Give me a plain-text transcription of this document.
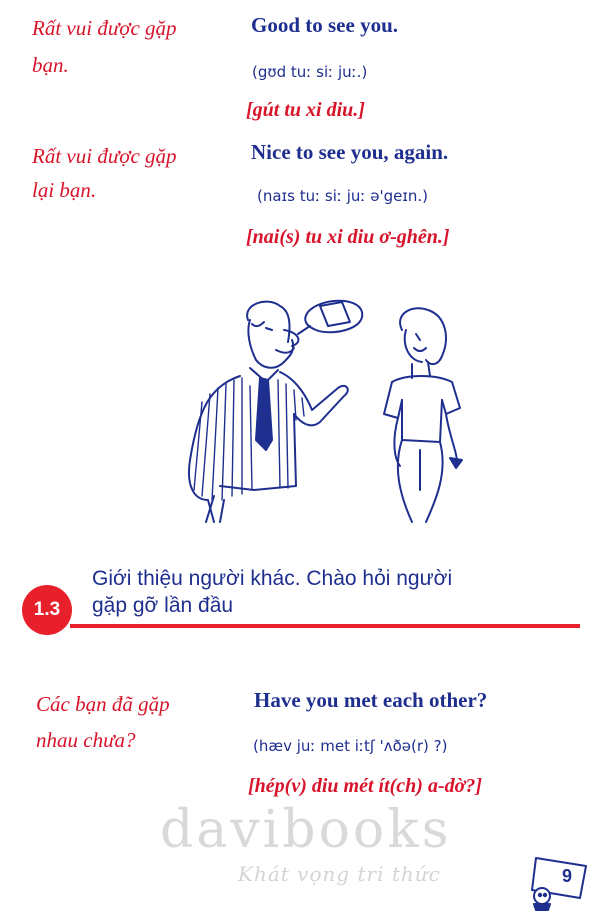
Rất vui được gặp
bạn.
Good to see you.
(gʊd tuː siː juː.)
[gút tu xi diu.]
Rất vui được gặp
lại bạn.
Nice to see you, again.
(naɪs tuː siː juː ə'geɪn.)
[nai(s) tu xi diu ơ-ghên.]
Giới thiệu người khác. Chào hỏi người
gặp gỡ lần đầu
1.3
Các bạn đã gặp
nhau chưa?
Have you met each other?
(hæv juː met iːtʃ 'ʌðə(r) ?)
[hép(v) diu mét ít(ch) a-dờ?]
davibooks
Khát vọng tri thức	9
